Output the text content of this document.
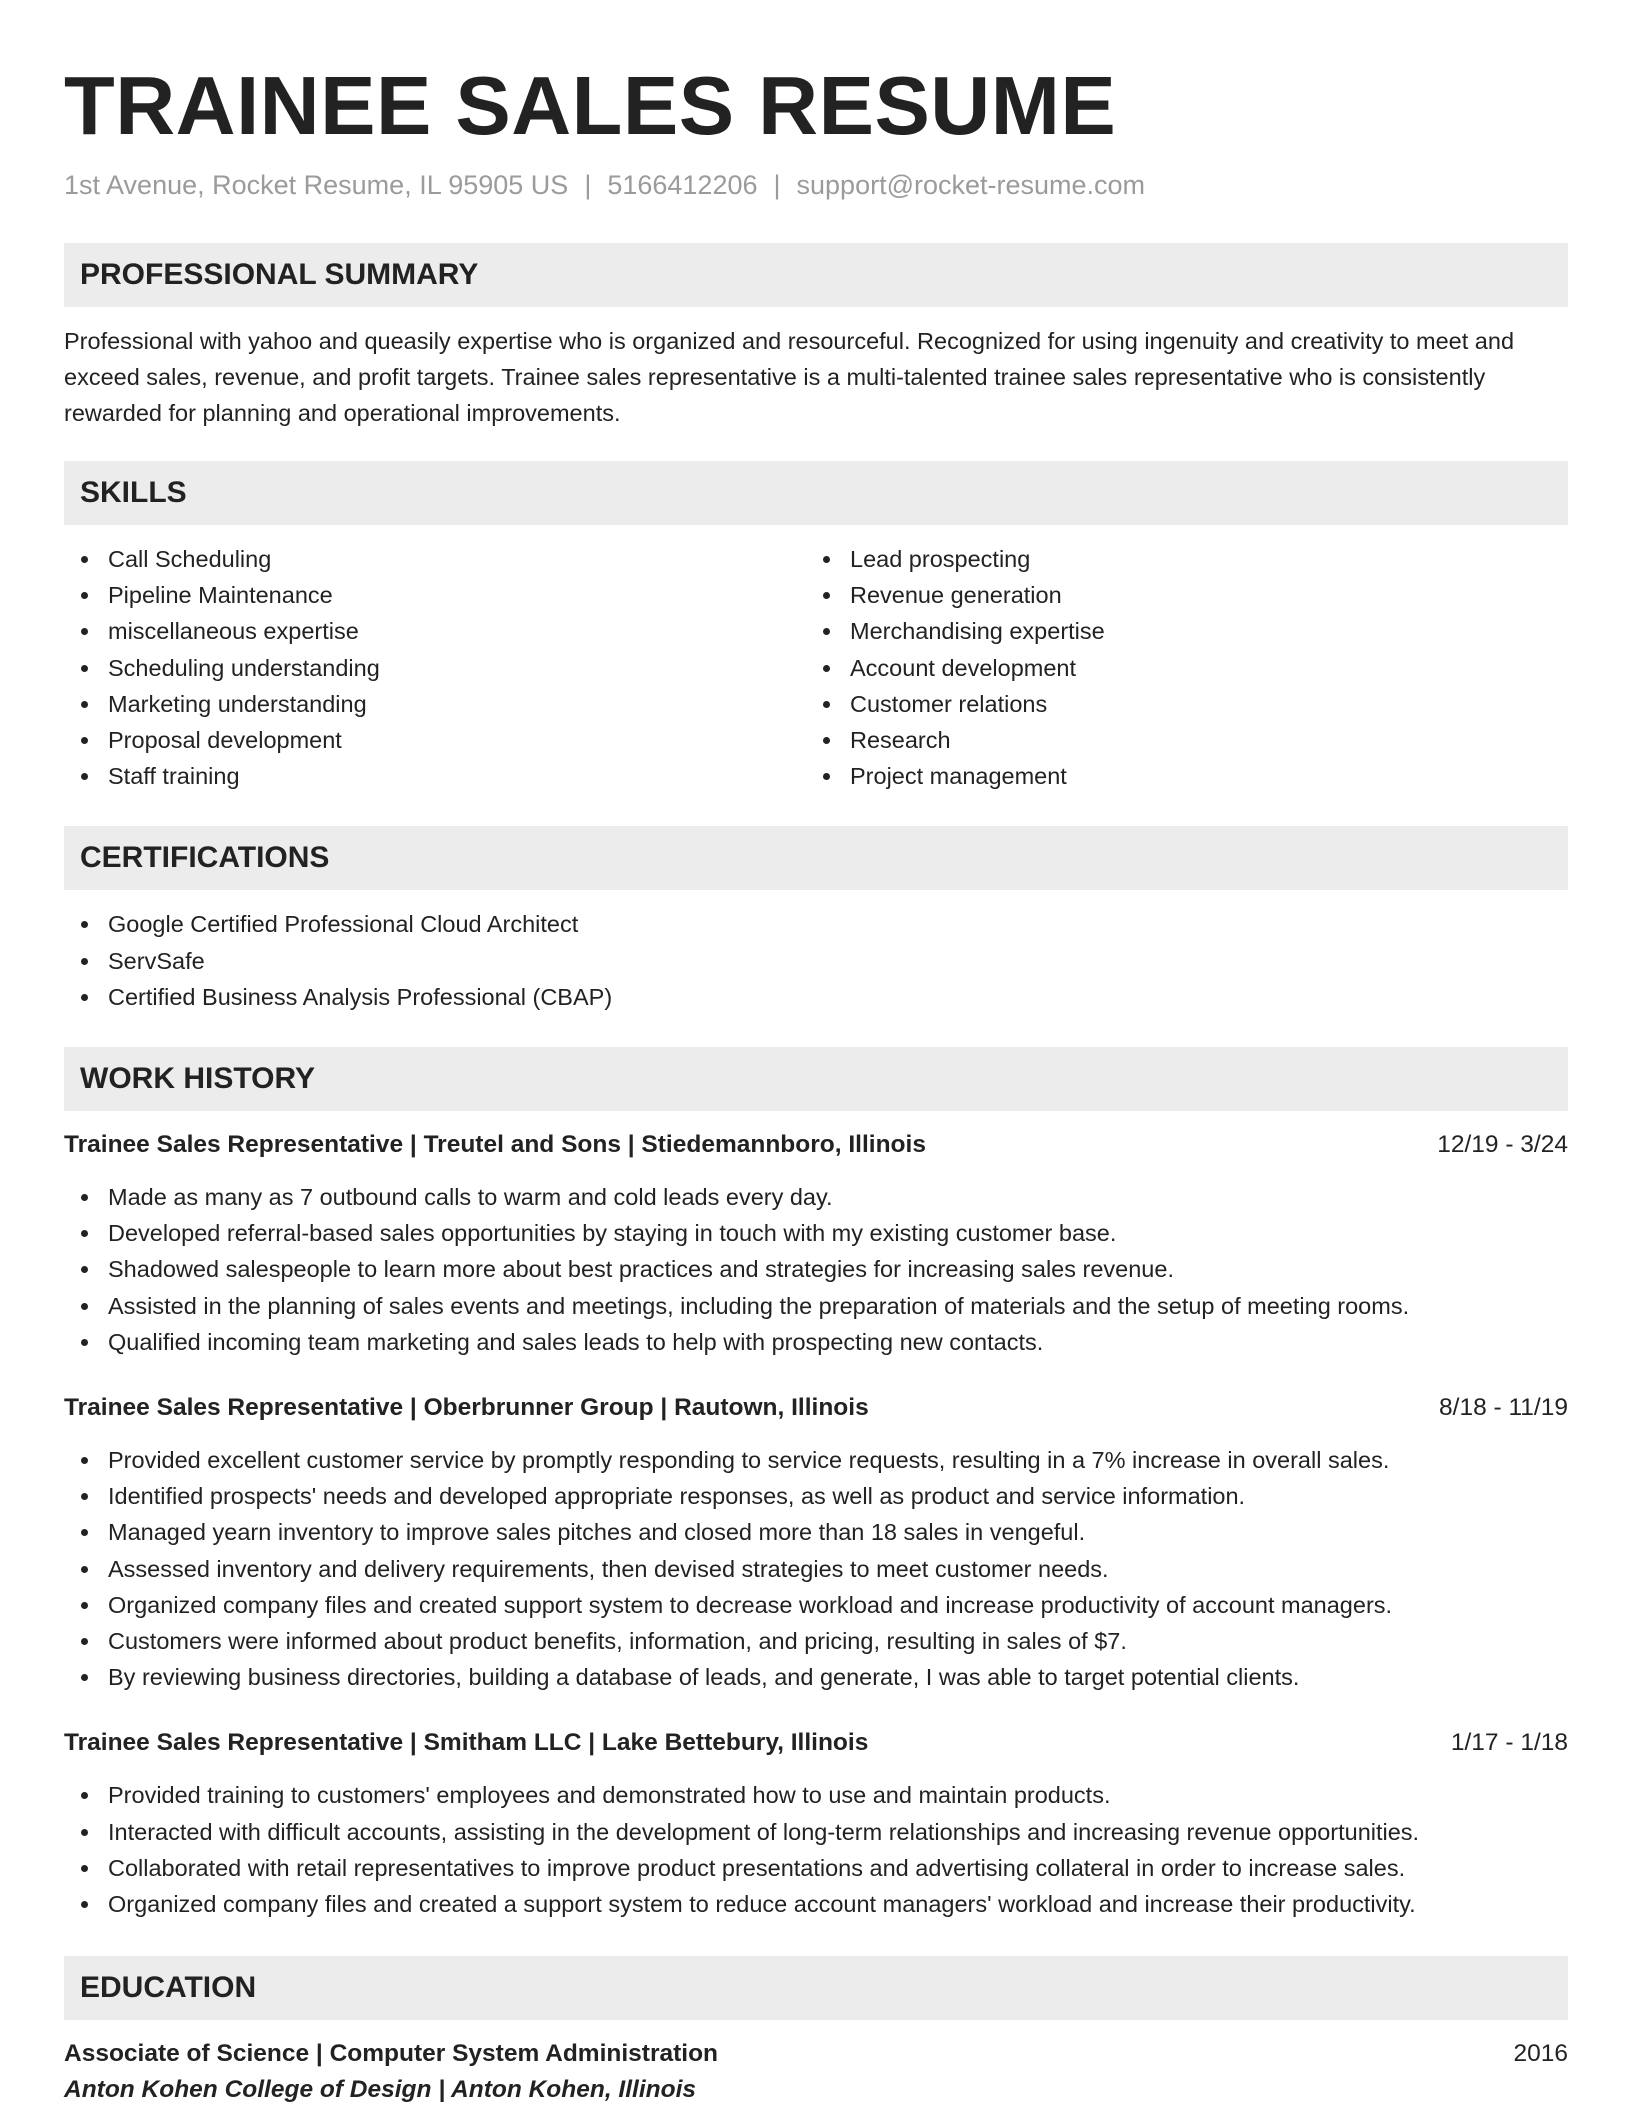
TRAINEE SALES RESUME
1st Avenue, Rocket Resume, IL 95905 US | 5166412206 | support@rocket-resume.com
PROFESSIONAL SUMMARY

Professional with yahoo and queasily expertise who is organized and resourceful. Recognized for using ingenuity and creativity to meet and exceed sales, revenue, and profit targets. Trainee sales representative is a multi-talented trainee sales representative who is consistently rewarded for planning and operational improvements.

SKILLS
Call Scheduling
Pipeline Maintenance
miscellaneous expertise
Scheduling understanding
Marketing understanding
Proposal development
Staff training
Lead prospecting
Revenue generation
Merchandising expertise
Account development
Customer relations
Research
Project management
CERTIFICATIONS
Google Certified Professional Cloud Architect
ServSafe
Certified Business Analysis Professional (CBAP)
WORK HISTORY
Trainee Sales Representative | Treutel and Sons | Stiedemannboro, Illinois	12/19 - 3/24
Made as many as 7 outbound calls to warm and cold leads every day.
Developed referral-based sales opportunities by staying in touch with my existing customer base.
Shadowed salespeople to learn more about best practices and strategies for increasing sales revenue.
Assisted in the planning of sales events and meetings, including the preparation of materials and the setup of meeting rooms.
Qualified incoming team marketing and sales leads to help with prospecting new contacts.
Trainee Sales Representative | Oberbrunner Group | Rautown, Illinois	8/18 - 11/19
Provided excellent customer service by promptly responding to service requests, resulting in a 7% increase in overall sales.
Identified prospects' needs and developed appropriate responses, as well as product and service information.
Managed yearn inventory to improve sales pitches and closed more than 18 sales in vengeful.
Assessed inventory and delivery requirements, then devised strategies to meet customer needs.
Organized company files and created support system to decrease workload and increase productivity of account managers.
Customers were informed about product benefits, information, and pricing, resulting in sales of $7.
By reviewing business directories, building a database of leads, and generate, I was able to target potential clients.
Trainee Sales Representative | Smitham LLC | Lake Bettebury, Illinois	1/17 - 1/18
Provided training to customers' employees and demonstrated how to use and maintain products.
Interacted with difficult accounts, assisting in the development of long-term relationships and increasing revenue opportunities.
Collaborated with retail representatives to improve product presentations and advertising collateral in order to increase sales.
Organized company files and created a support system to reduce account managers' workload and increase their productivity.
EDUCATION
Associate of Science | Computer System Administration	2016
Anton Kohen College of Design | Anton Kohen, Illinois
